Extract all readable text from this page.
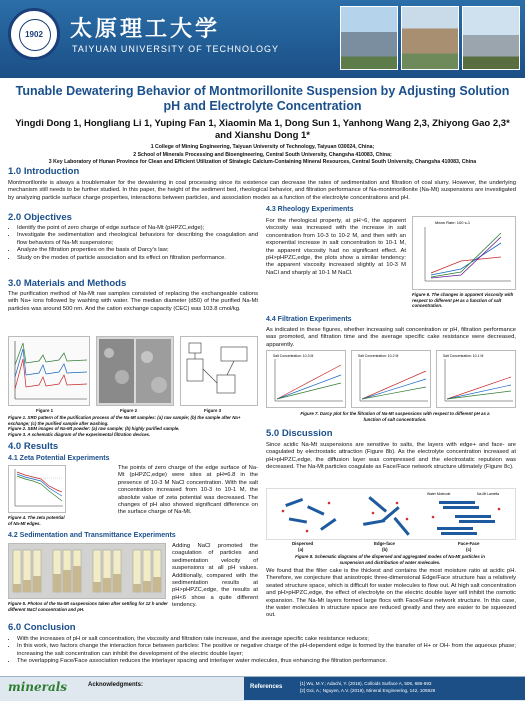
1902	太原理工大学
TAIYUAN UNIVERSITY OF TECHNOLOGY
Tunable Dewatering Behavior of Montmorillonite Suspension by Adjusting Solution pH and Electrolyte Concentration
Yingdi Dong 1, Hongliang Li 1, Yuping Fan 1, Xiaomin Ma 1, Dong Sun 1, Yanhong Wang 2,3, Zhiyong Gao 2,3* and Xianshu Dong 1*
1 College of Mining Engineering, Taiyuan University of Technology, Taiyuan 030024, China;
2 School of Minerals Processing and Bioengineering, Central South University, Changsha 410083, China;
3 Key Laboratory of Hunan Province for Clean and Efficient Utilization of Strategic Calcium-Containing Mineral Resources, Central South University, Changsha 410083, China
1.0 Introduction
Montmorillonite is always a troublemaker for the dewatering in coal processing since its existence can decrease the rates of sedimentation and filtration of coal slurry. However, the underlying mechanism still needs to be further studied. In this paper, the height of the sediment bed, rheological behavior, and filtration performance of Na-montmorillonite (Na-Mt) suspensions are investigated by analyzing particle surface charge properties, interactions between particles, and association modes as a function of the electrolyte concentrations and pH.
2.0 Objectives
• Identify the point of zero charge of edge surface of Na-Mt (pHPZC,edge);
• Investigate the sedimentation and rheological behaviors for describing the coagulation and flow behaviors of Na-Mt suspensions;
• Analyze the filtration properties on the basis of Darcy's law;
• Study on the modes of particle association and its effect on filtration performance.
3.0 Materials and Methods
The purification method of Na-Mt raw samples consisted of replacing the exchangeable cations with Na+ ions followed by washing with water. The median diameter (d50) of the purified Na-Mt particles was around 500 nm. And the cation exchange capacity (CEC) was 103.8 cmol/kg.
Figure 1	Figure 2	Figure 3
Figure 1. XRD pattern of the purification process of the Na-Mt samples: (a) raw sample; (b) the sample after Na+ exchange; (c) the purified sample after washing.
Figure 2. SEM images of Na-Mt powder: (a) raw sample; (b) highly purified sample.
Figure 3. A schematic diagram of the experimental filtration devices.
4.0 Results
4.1 Zeta Potential Experiments
Figure 4. The zeta potential of Na-Mt edges.
The points of zero charge of the edge surface of Na-Mt (pHPZC,edge) were sites at pH=6.8 in the presence of 10-3 M NaCl concentration. With the salt concentration increased from 10-3 to 10-1 M, the absolute value of zeta potential was decreased. The changes of pH also showed significant difference on the surface charge of Na-Mt.
4.2 Sedimentation and Transmittance Experiments
Figure 5. Photos of the Na-Mt suspensions taken after settling for 12 h under different NaCl concentration and pH.
Adding NaCl promoted the coagulation of particles and sedimentation velocity of suspensions at all pH values. Additionally, compared with the sedimentation results at pH>pHPZC,edge, the results at pH<6 show a quite different tendency.
4.3 Rheology Experiments
For the rheological property, at pH~6, the apparent viscosity was increased with the increase in salt concentration from 10-3 to 10-2 M, and then with an exponential increase in salt concentration to 10-1 M, the apparent viscosity had no significant effect. At pH>pHPZC,edge, the plots show a similar tendency: the apparent viscosity increased slightly at 10-3 M NaCl and sharply at 10-1 M NaCl.
Mean Rate: 100 s-1
Figure 6. The changes in apparent viscosity with respect to different pH as a function of salt concentration.
4.4 Filtration Experiments
As indicated in these figures, whether increasing salt concentration or pH, filtration performance was promoted, and filtration time and the average specific cake resistance were decreased, apparently.
Salt Concentration: 10-3 M	Salt Concentration: 10-2 M	Salt Concentration: 10-1 M
Figure 7. Darcy plot for the filtration of Na-Mt suspensions with respect to different pH as a function of salt concentration.
5.0 Discussion
Since acidic Na-Mt suspensions are sensitive to salts, the layers with edge+ and face- are coagulated by electrostatic attraction (Figure 8b). As the electrolyte concentration increased at pH>pHPZC,edge, the diffusion layer was compressed and the electrostatic repulsion was decreased. The Na-Mt particles coagulate as Face/Face network structure ultimately (Figure 8c).
Water Molecule	Na-Mt Lamella
Dispersed	Edge-face	Face-Face
(a)	(b)	(c)
Figure 8. Schematic diagrams of the dispersed and aggregated modes of Na-Mt particles in suspension and distribution of water molecules.
We found that the filter cake is the thickest and contains the most moisture ratio at acidic pH. Therefore, we conjecture that anisotropic three-dimensional Edge/Face structure has a relatively seated structure space, which is difficult for water molecules to flow out. At high salt concentration and pH>pHPZC,edge, the effect of electrolyte on the electric double layer will inhibit the osmotic expansion. The Na-Mt layers formed large flocs with Face/Face network structure. In this case, the water molecules in structure space are reduced greatly and they are easier to be squeezed out.
6.0 Conclusion
• With the increases of pH or salt concentration, the viscosity and filtration rate increase, and the average specific cake resistance reduces;
• In this work, two factors change the interaction force between particles: The positive or negative charge of the pH-dependent edge is formed by the transfer of H+ or OH- from the aqueous phase; increasing the salt concentration can inhibit the development of the electric double layer;
• The overlapping Face/Face association reduces the interlayer spacing and interlayer water molecules, thus enhancing the filtration performance.
minerals	Acknowledgments:	References
[1] Wu, M.Y.; Adachi, Y. (2016), Colloids Surface A, 506, 686-693
[2] Goi, A.; Nguyen, A.V. (2019), Mineral Engineering, 142, 105929
